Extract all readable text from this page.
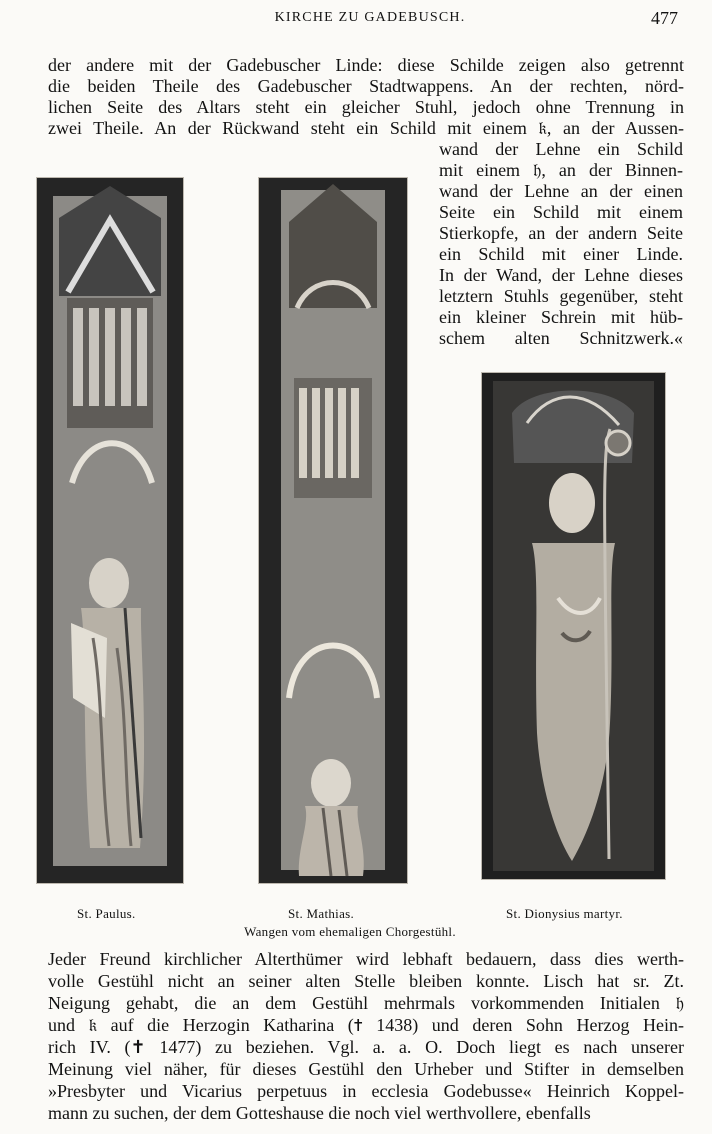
KIRCHE ZU GADEBUSCH.	477
der andere mit der Gadebuscher Linde: diese Schilde zeigen also getrennt
die beiden Theile des Gadebuscher Stadtwappens. An der rechten, nörd-
lichen Seite des Altars steht ein gleicher Stuhl, jedoch ohne Trennung in
zwei Theile. An der Rückwand steht ein Schild mit einem 𝔨, an der Aussen-
wand der Lehne ein Schild
mit einem 𝔥, an der Binnen-
wand der Lehne an der einen
Seite ein Schild mit einem
Stierkopfe, an der andern Seite
ein Schild mit einer Linde.
In der Wand, der Lehne dieses
letztern Stuhls gegenüber, steht
ein kleiner Schrein mit hüb-
schem alten Schnitzwerk.«
St. Paulus.	St. Mathias.	St. Dionysius martyr.
Wangen vom ehemaligen Chorgestühl.
Jeder Freund kirchlicher Alterthümer wird lebhaft bedauern, dass dies werth-
volle Gestühl nicht an seiner alten Stelle bleiben konnte. Lisch hat sr. Zt.
Neigung gehabt, die an dem Gestühl mehrmals vorkommenden Initialen 𝔥
und 𝔨 auf die Herzogin Katharina (✝ 1438) und deren Sohn Herzog Hein-
rich IV. (✝ 1477) zu beziehen. Vgl. a. a. O. Doch liegt es nach unserer
Meinung viel näher, für dieses Gestühl den Urheber und Stifter in demselben
»Presbyter und Vicarius perpetuus in ecclesia Godebusse« Heinrich Koppel-
mann zu suchen, der dem Gotteshause die noch viel werthvollere, ebenfalls
